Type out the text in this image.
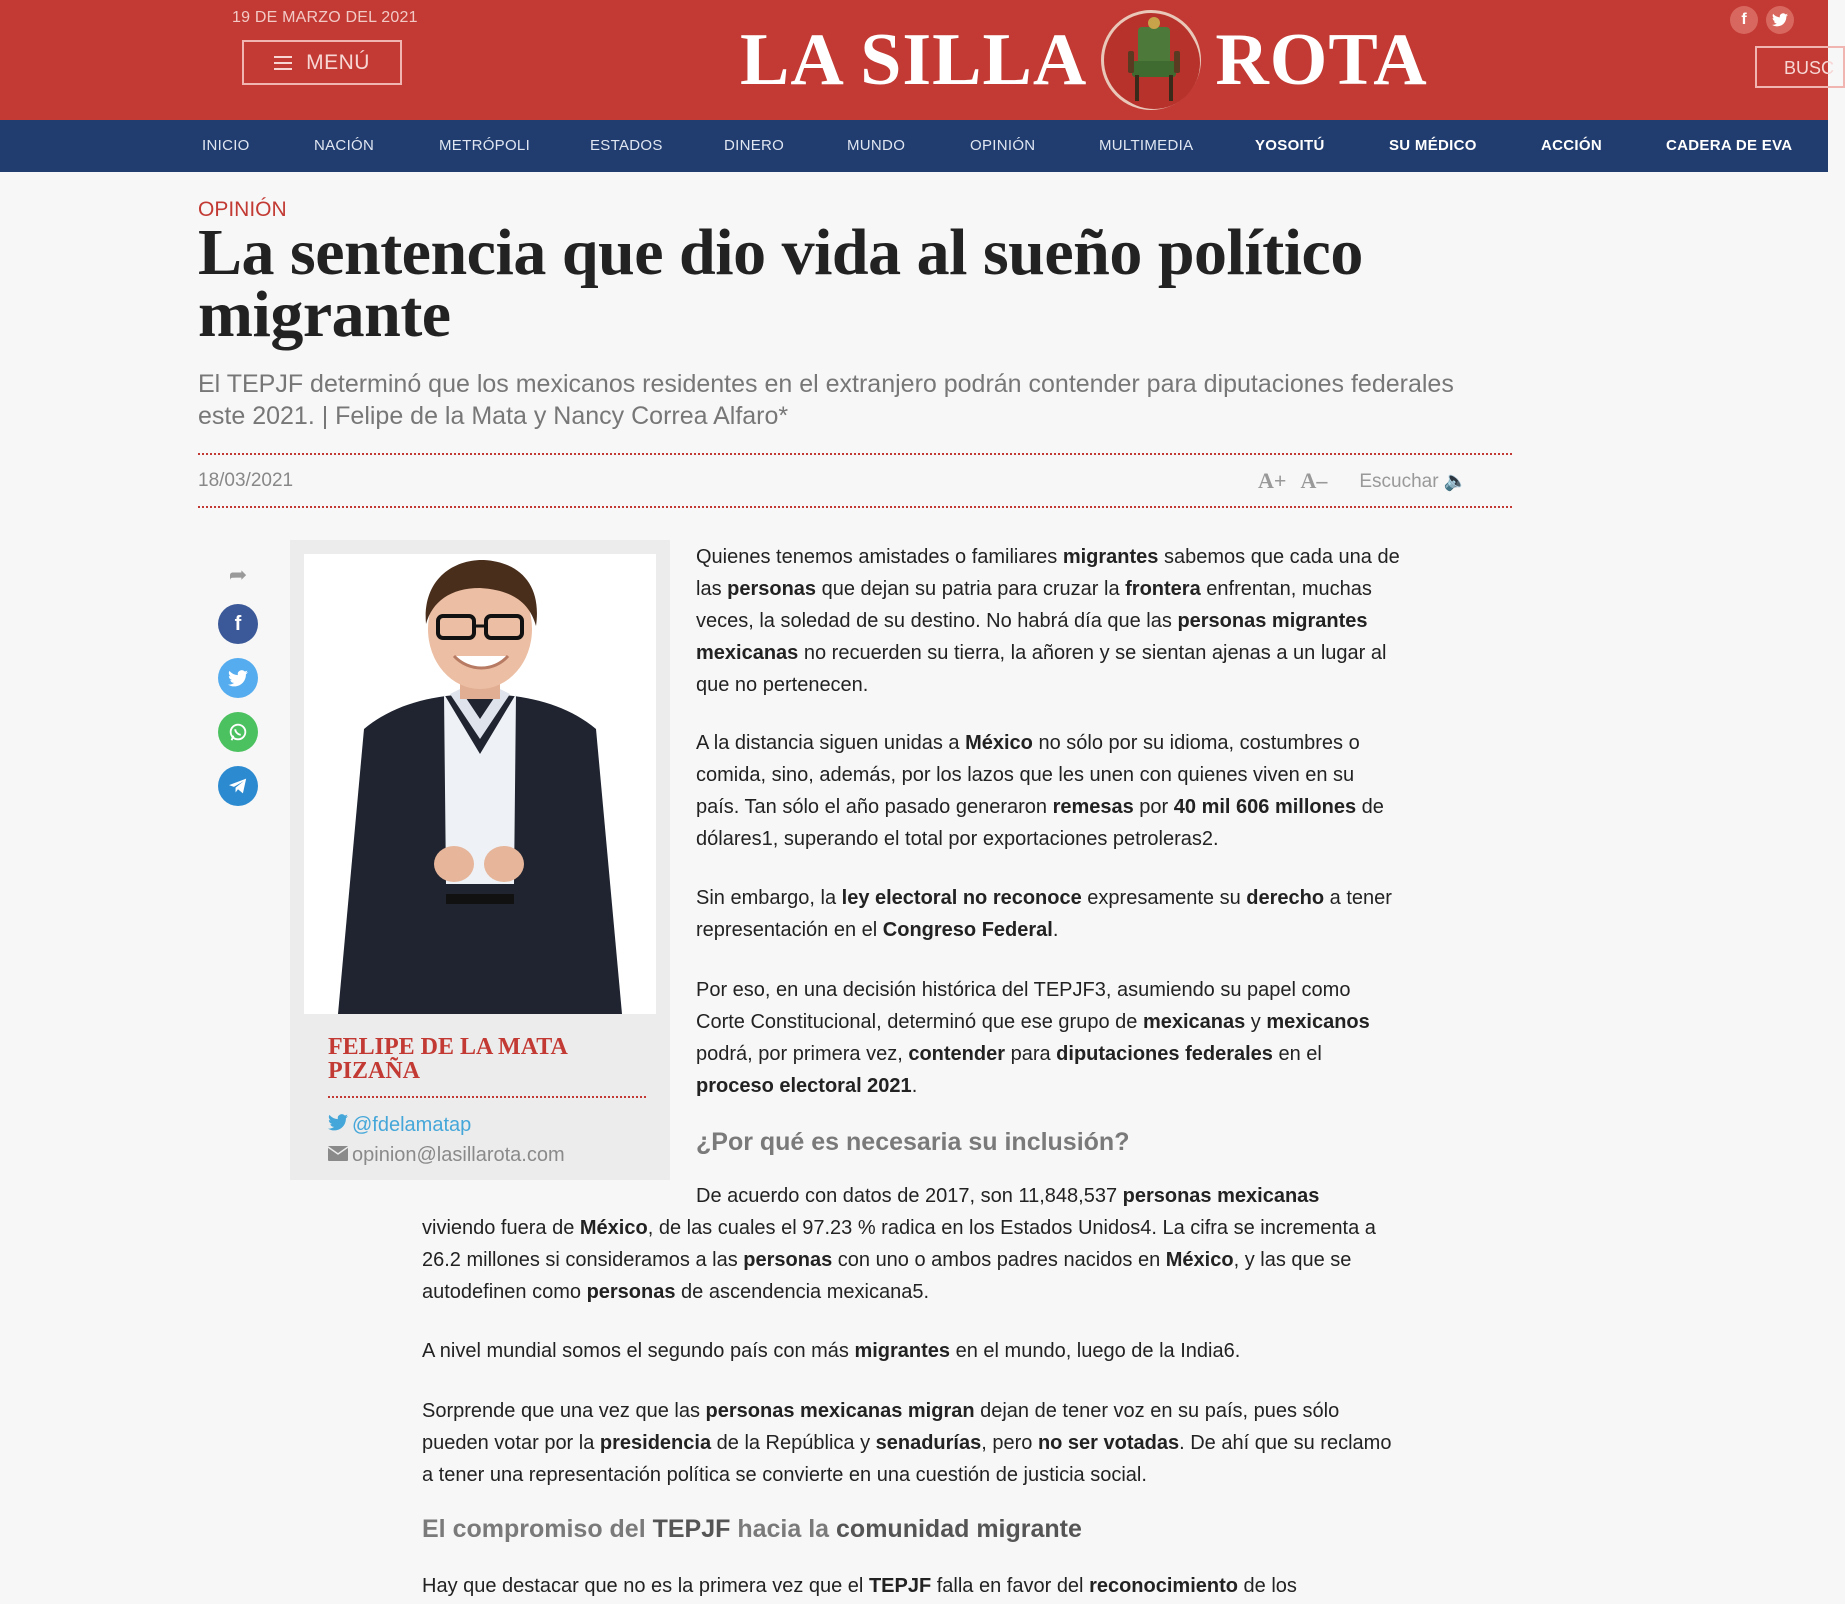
19 DE MARZO DEL 2021
MENÚ	LA SILLA ROTA	f
BUSC
INICIO	NACIÓN	METRÓPOLI	ESTADOS	DINERO	MUNDO	OPINIÓN	MULTIMEDIA	YOSOITÚ	SU MÉDICO	ACCIÓN	CADERA DE EVA
OPINIÓN
La sentencia que dio vida al sueño político migrante

El TEPJF determinó que los mexicanos residentes en el extranjero podrán contender para diputaciones federales este 2021. | Felipe de la Mata y Nancy Correa Alfaro*

18/03/2021	A+ A– Escuchar 🔈
➦
f
FELIPE DE LA MATA PIZAÑA
@fdelamatap
opinion@lasillarota.com

Quienes tenemos amistades o familiares migrantes sabemos que cada una de las personas que dejan su patria para cruzar la frontera enfrentan, muchas veces, la soledad de su destino. No habrá día que las personas migrantes mexicanas no recuerden su tierra, la añoren y se sientan ajenas a un lugar al que no pertenecen.

A la distancia siguen unidas a México no sólo por su idioma, costumbres o comida, sino, además, por los lazos que les unen con quienes viven en su país. Tan sólo el año pasado generaron remesas por 40 mil 606 millones de dólares1, superando el total por exportaciones petroleras2.

Sin embargo, la ley electoral no reconoce expresamente su derecho a tener representación en el Congreso Federal.

Por eso, en una decisión histórica del TEPJF3, asumiendo su papel como Corte Constitucional, determinó que ese grupo de mexicanas y mexicanos podrá, por primera vez, contender para diputaciones federales en el proceso electoral 2021.

¿Por qué es necesaria su inclusión?

De acuerdo con datos de 2017, son 11,848,537 personas mexicanas

viviendo fuera de México, de las cuales el 97.23 % radica en los Estados Unidos4. La cifra se incrementa a 26.2 millones si consideramos a las personas con uno o ambos padres nacidos en México, y las que se autodefinen como personas de ascendencia mexicana5.

A nivel mundial somos el segundo país con más migrantes en el mundo, luego de la India6.

Sorprende que una vez que las personas mexicanas migran dejan de tener voz en su país, pues sólo pueden votar por la presidencia de la República y senadurías, pero no ser votadas. De ahí que su reclamo a tener una representación política se convierte en una cuestión de justicia social.

El compromiso del TEPJF hacia la comunidad migrante

Hay que destacar que no es la primera vez que el TEPJF falla en favor del reconocimiento de los
